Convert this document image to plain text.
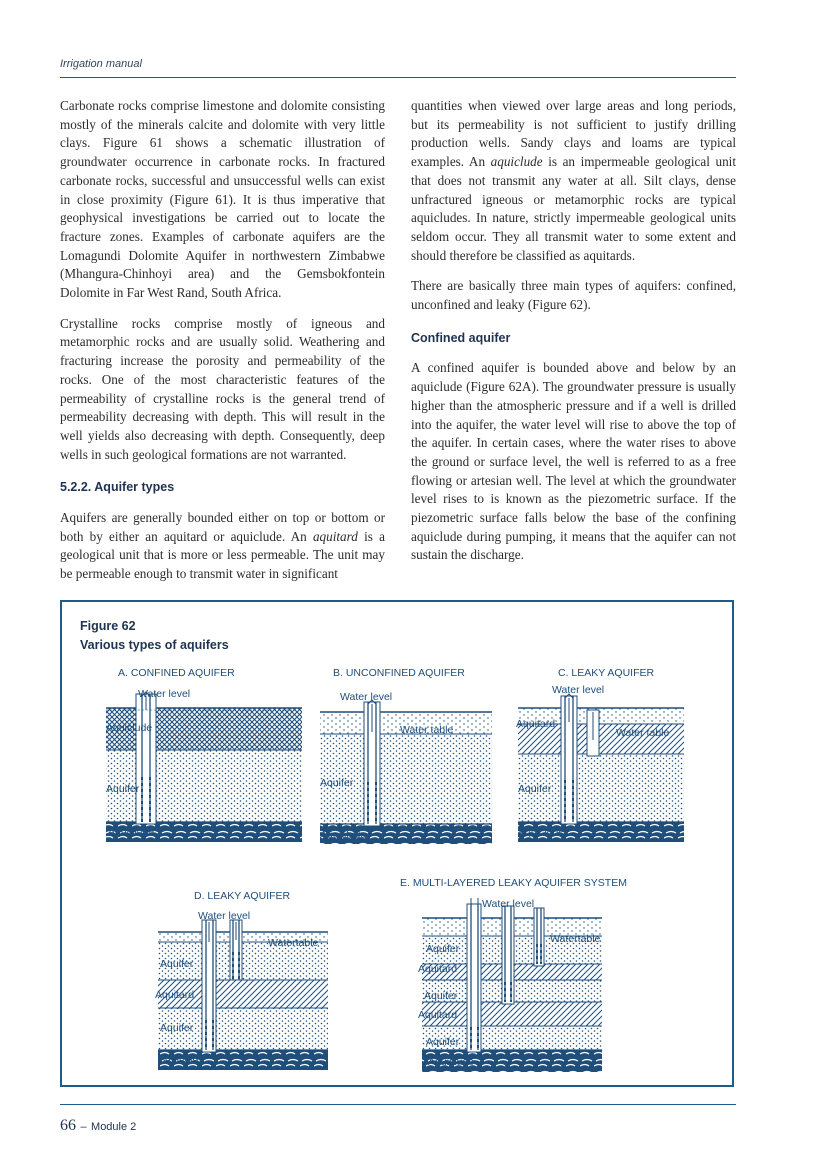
Irrigation manual

Carbonate rocks comprise limestone and dolomite consisting mostly of the minerals calcite and dolomite with very little clays. Figure 61 shows a schematic illustration of groundwater occurrence in carbonate rocks. In fractured carbonate rocks, successful and unsuccessful wells can exist in close proximity (Figure 61). It is thus imperative that geophysical investigations be carried out to locate the fracture zones. Examples of carbonate aquifers are the Lomagundi Dolomite Aquifer in northwestern Zimbabwe (Mhangura-Chinhoyi area) and the Gemsbokfontein Dolomite in Far West Rand, South Africa.

Crystalline rocks comprise mostly of igneous and metamorphic rocks and are usually solid. Weathering and fracturing increase the porosity and permeability of the rocks. One of the most characteristic features of the permeability of crystalline rocks is the general trend of permeability decreasing with depth. This will result in the well yields also decreasing with depth. Consequently, deep wells in such geological formations are not warranted.

5.2.2. Aquifer types

Aquifers are generally bounded either on top or bottom or both by either an aquitard or aquiclude. An aquitard is a geological unit that is more or less permeable. The unit may be permeable enough to transmit water in significant

quantities when viewed over large areas and long periods, but its permeability is not sufficient to justify drilling production wells. Sandy clays and loams are typical examples. An aquiclude is an impermeable geological unit that does not transmit any water at all. Silt clays, dense unfractured igneous or metamorphic rocks are typical aquicludes. In nature, strictly impermeable geological units seldom occur. They all transmit water to some extent and should therefore be classified as aquitards.

There are basically three main types of aquifers: confined, unconfined and leaky (Figure 62).

Confined aquifer

A confined aquifer is bounded above and below by an aquiclude (Figure 62A). The groundwater pressure is usually higher than the atmospheric pressure and if a well is drilled into the aquifer, the water level will rise to above the top of the aquifer. In certain cases, where the water rises to above the ground or surface level, the well is referred to as a free flowing or artesian well. The level at which the groundwater level rises to is known as the piezometric surface. If the piezometric surface falls below the base of the confining aquiclude during pumping, it means that the aquifer can not sustain the discharge.

Figure 62
Various types of aquifers
A. CONFINED AQUIFER
Water level
Aquiclude
Aquifer
Aquiclude
B. UNCONFINED AQUIFER
Water level
Water table
Aquifer
Aquiclude
C. LEAKY AQUIFER
Water level
Aquitard
Water table
Aquifer
Aquiclude
D. LEAKY AQUIFER
Water level
Watertable
Aquifer
Aquitard
Aquifer
Aquiclude
E. MULTI-LAYERED LEAKY AQUIFER SYSTEM
Water level
Watertable
Aquifer
Aquitard
Aquifer
Aquitard
Aquifer
Aquiclude
66 – Module 2
